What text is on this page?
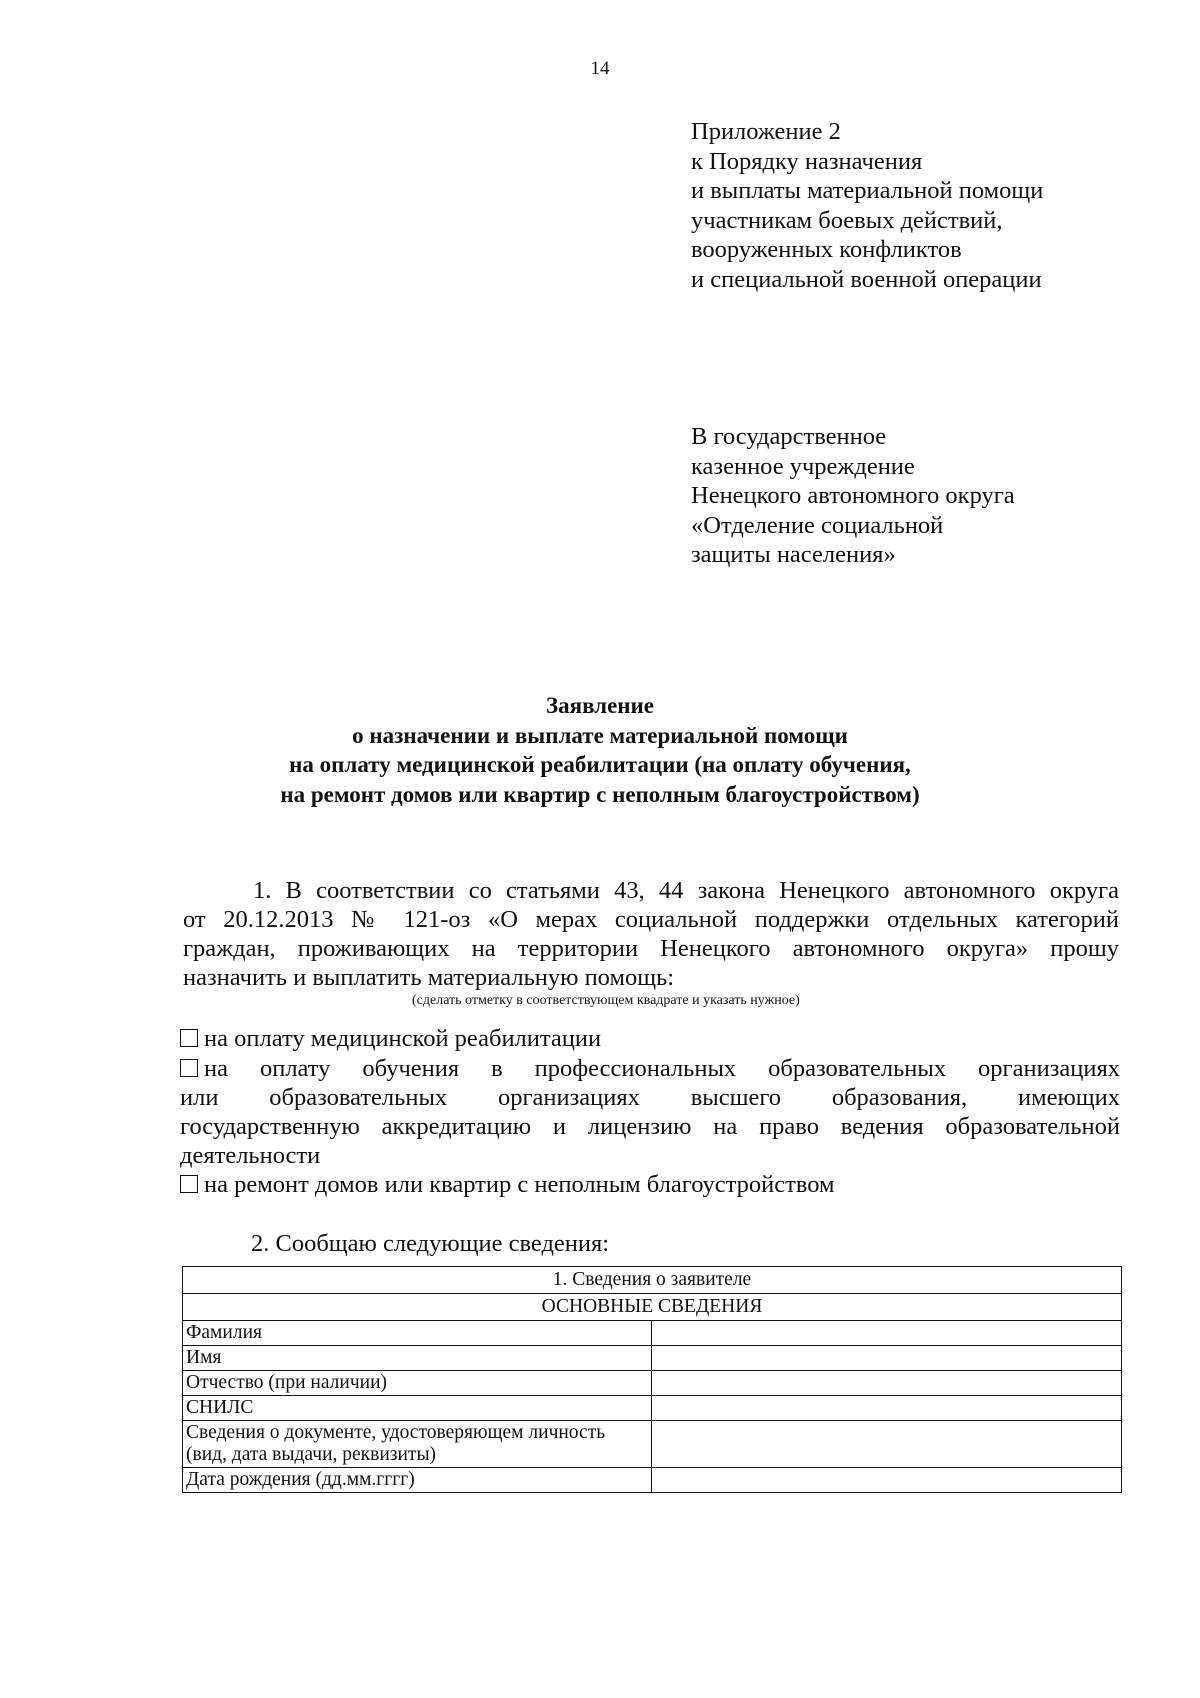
14
Приложение 2
к Порядку назначения
и выплаты материальной помощи
участникам боевых действий,
вооруженных конфликтов
и специальной военной операции
В государственное
казенное учреждение
Ненецкого автономного округа
«Отделение социальной
защиты населения»
Заявление
о назначении и выплате материальной помощи
на оплату медицинской реабилитации (на оплату обучения,
на ремонт домов или квартир с неполным благоустройством)
1. В соответствии со статьями 43, 44 закона Ненецкого автономного округа
от 20.12.2013 № 121-оз «О мерах социальной поддержки отдельных категорий
граждан, проживающих на территории Ненецкого автономного округа» прошу
назначить и выплатить материальную помощь:
(сделать отметку в соответствующем квадрате и указать нужное)
на оплату медицинской реабилитации
на оплату обучения в профессиональных образовательных организациях
или образовательных организациях высшего образования, имеющих
государственную аккредитацию и лицензию на право ведения образовательной
деятельности
на ремонт домов или квартир с неполным благоустройством
2. Сообщаю следующие сведения:
1. Сведения о заявителе	
ОСНОВНЫЕ СВЕДЕНИЯ	
Фамилия	
Имя	
Отчество (при наличии)	
СНИЛС	
Сведения о документе, удостоверяющем личность (вид, дата выдачи, реквизиты)	
Дата рождения (дд.мм.гггг)	
